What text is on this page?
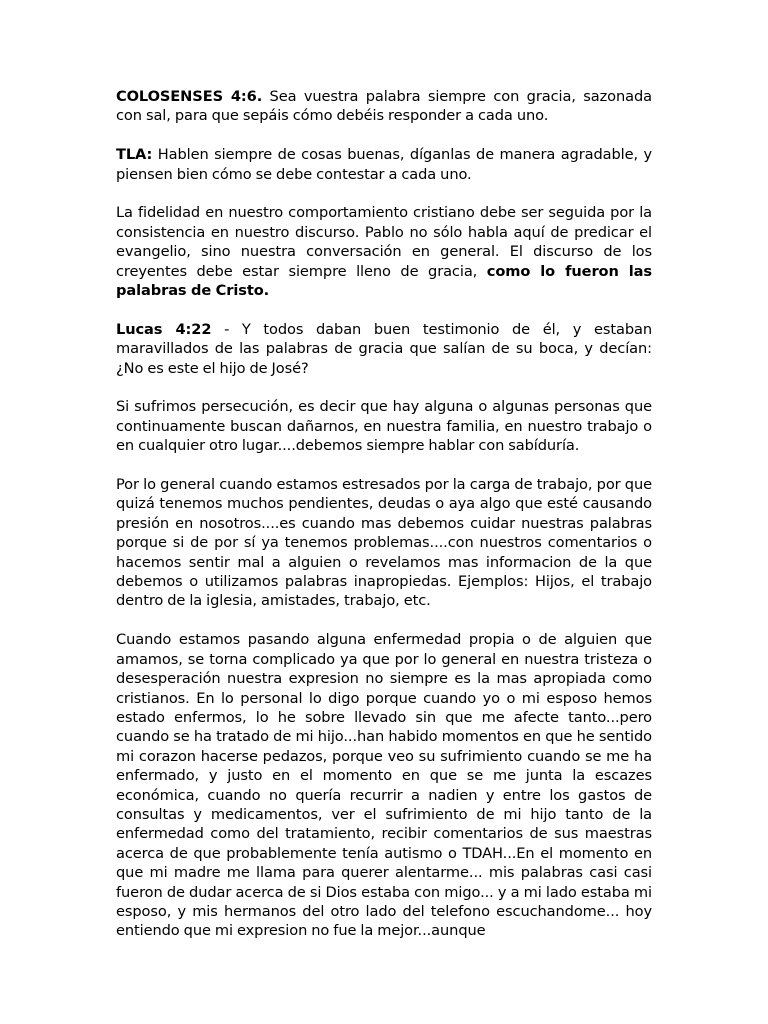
COLOSENSES 4:6. Sea vuestra palabra siempre con gracia, sazonada con sal, para que sepáis cómo debéis responder a cada uno.

TLA: Hablen siempre de cosas buenas, díganlas de manera agradable, y piensen bien cómo se debe contestar a cada uno.

La fidelidad en nuestro comportamiento cristiano debe ser seguida por la consistencia en nuestro discurso. Pablo no sólo habla aquí de predicar el evangelio, sino nuestra conversación en general. El discurso de los creyentes debe estar siempre lleno de gracia, como lo fueron las palabras de Cristo.

Lucas 4:22 - Y todos daban buen testimonio de él, y estaban maravillados de las palabras de gracia que salían de su boca, y decían: ¿No es este el hijo de José?

Si sufrimos persecución, es decir que hay alguna o algunas personas que continuamente buscan dañarnos, en nuestra familia, en nuestro trabajo o en cualquier otro lugar....debemos siempre hablar con sabíduría.

Por lo general cuando estamos estresados por la carga de trabajo, por que quizá tenemos muchos pendientes, deudas o aya algo que esté causando presión en nosotros....es cuando mas debemos cuidar nuestras palabras porque si de por sí ya tenemos problemas....con nuestros comentarios o hacemos sentir mal a alguien o revelamos mas informacion de la que debemos o utilizamos palabras inapropiedas. Ejemplos: Hijos, el trabajo dentro de la iglesia, amistades, trabajo, etc.

Cuando estamos pasando alguna enfermedad propia o de alguien que amamos, se torna complicado ya que por lo general en nuestra tristeza o desesperación nuestra expresion no siempre es la mas apropiada como cristianos. En lo personal lo digo porque cuando yo o mi esposo hemos estado enfermos, lo he sobre llevado sin que me afecte tanto...pero cuando se ha tratado de mi hijo...han habido momentos en que he sentido mi corazon hacerse pedazos, porque veo su sufrimiento cuando se me ha enfermado, y justo en el momento en que se me junta la escazes económica, cuando no quería recurrir a nadien y entre los gastos de consultas y medicamentos, ver el sufrimiento de mi hijo tanto de la enfermedad como del tratamiento, recibir comentarios de sus maestras acerca de que probablemente tenía autismo o TDAH...En el momento en que mi madre me llama para querer alentarme... mis palabras casi casi fueron de dudar acerca de si Dios estaba con migo... y a mi lado estaba mi esposo, y mis hermanos del otro lado del telefono escuchandome... hoy entiendo que mi expresion no fue la mejor...aunque
